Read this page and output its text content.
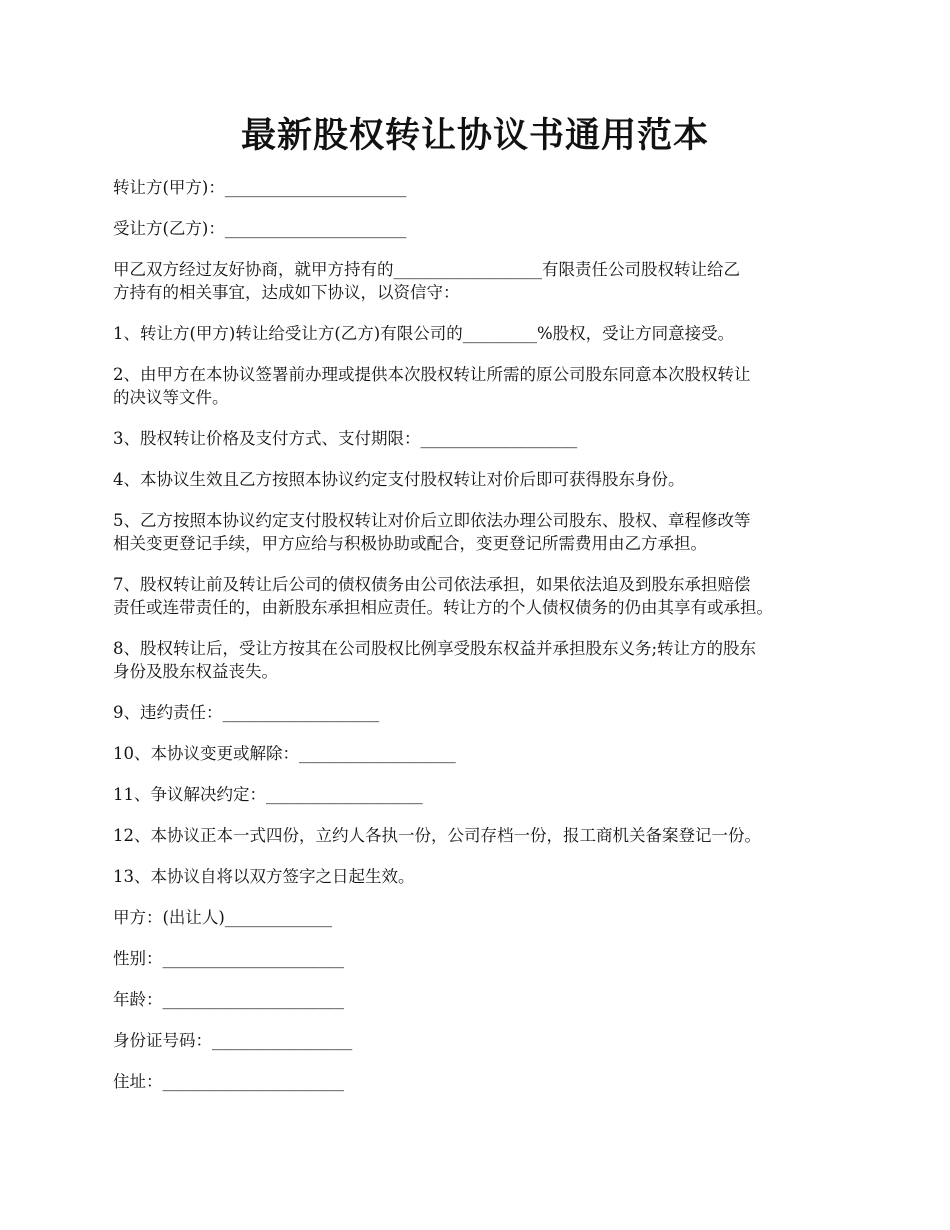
最新股权转让协议书通用范本

转让方(甲方)：______________________

受让方(乙方)：______________________

甲乙双方经过友好协商，就甲方持有的__________________有限责任公司股权转让给乙
方持有的相关事宜，达成如下协议，以资信守：

1、转让方(甲方)转让给受让方(乙方)有限公司的_________%股权，受让方同意接受。

2、由甲方在本协议签署前办理或提供本次股权转让所需的原公司股东同意本次股权转让
的决议等文件。

3、股权转让价格及支付方式、支付期限：___________________

4、本协议生效且乙方按照本协议约定支付股权转让对价后即可获得股东身份。

5、乙方按照本协议约定支付股权转让对价后立即依法办理公司股东、股权、章程修改等
相关变更登记手续，甲方应给与积极协助或配合，变更登记所需费用由乙方承担。

7、股权转让前及转让后公司的债权债务由公司依法承担，如果依法追及到股东承担赔偿
责任或连带责任的，由新股东承担相应责任。转让方的个人债权债务的仍由其享有或承担。

8、股权转让后，受让方按其在公司股权比例享受股东权益并承担股东义务;转让方的股东
身份及股东权益丧失。

9、违约责任：___________________

10、本协议变更或解除：___________________

11、争议解决约定：___________________

12、本协议正本一式四份，立约人各执一份，公司存档一份，报工商机关备案登记一份。

13、本协议自将以双方签字之日起生效。

甲方：(出让人)_____________

性别：______________________

年龄：______________________

身份证号码：_________________

住址：______________________
